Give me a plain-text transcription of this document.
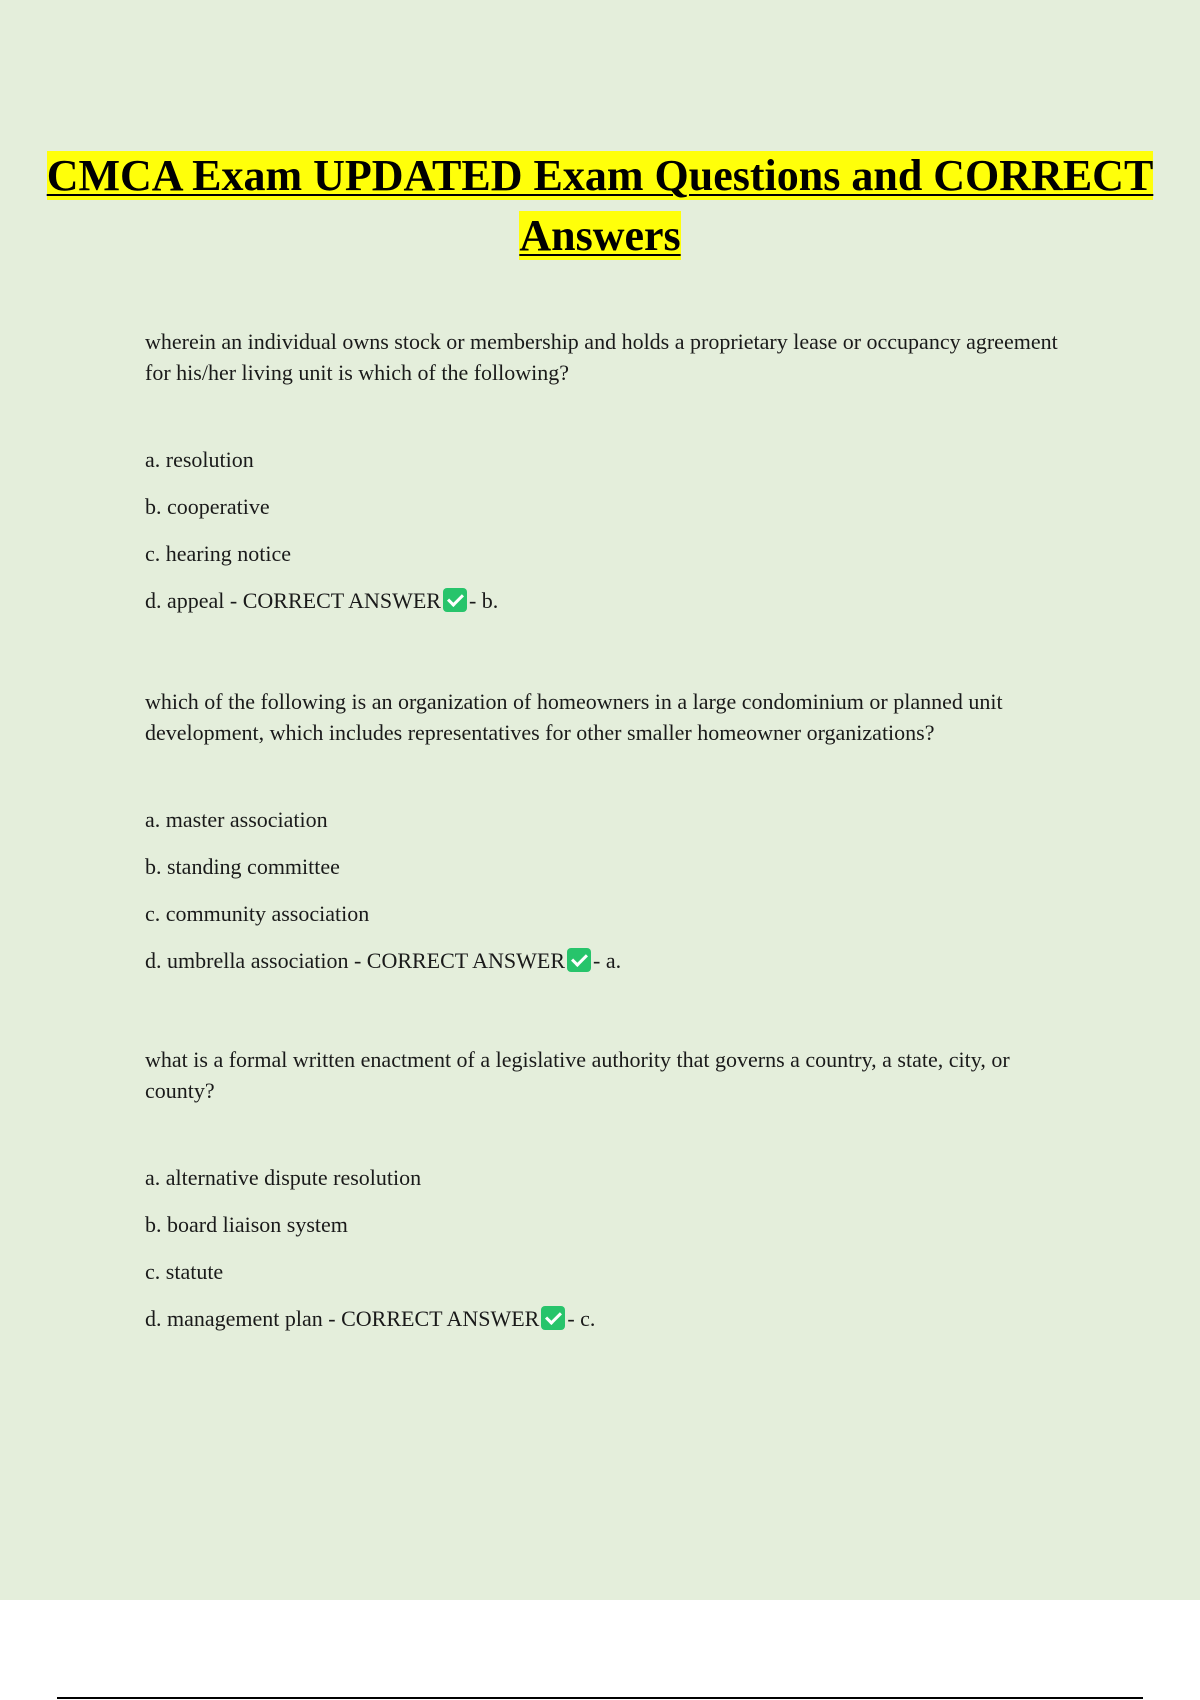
CMCA Exam UPDATED Exam Questions and CORRECT Answers

wherein an individual owns stock or membership and holds a proprietary lease or occupancy agreement for his/her living unit is which of the following?

a. resolution
b. cooperative
c. hearing notice
d. appeal - CORRECT ANSWER - b.

which of the following is an organization of homeowners in a large condominium or planned unit development, which includes representatives for other smaller homeowner organizations?

a. master association
b. standing committee
c. community association
d. umbrella association - CORRECT ANSWER - a.

what is a formal written enactment of a legislative authority that governs a country, a state, city, or county?

a. alternative dispute resolution
b. board liaison system
c. statute
d. management plan - CORRECT ANSWER - c.
